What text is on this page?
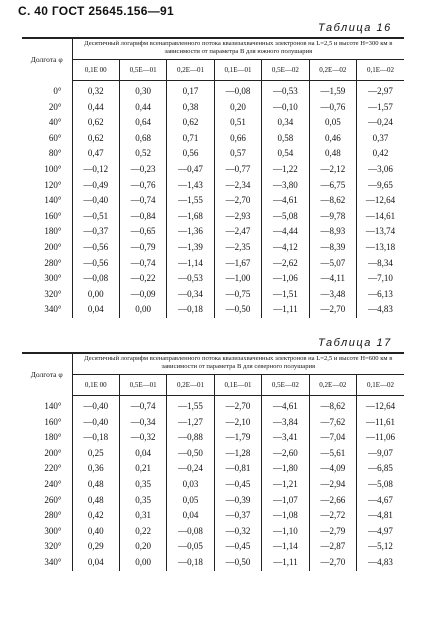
С. 40 ГОСТ 25645.156—91
Таблица 16
Долгота φ	Десятичный логарифм всенаправленного потока квазизахваченных электронов на L=2,5 и высоте H=300 км в зависимости от параметра B для южного полушария						
	0,1E 00	0,5E—01	0,2E—01	0,1E—01	0,5E—02	0,2E—02	0,1E—02
0°	0,32	0,30	0,17	—0,08	—0,53	—1,59	—2,97
20°	0,44	0,44	0,38	0,20	—0,10	—0,76	—1,57
40°	0,62	0,64	0,62	0,51	0,34	0,05	—0,24
60°	0,62	0,68	0,71	0,66	0,58	0,46	0,37
80°	0,47	0,52	0,56	0,57	0,54	0,48	0,42
100°	—0,12	—0,23	—0,47	—0,77	—1,22	—2,12	—3,06
120°	—0,49	—0,76	—1,43	—2,34	—3,80	—6,75	—9,65
140°	—0,40	—0,74	—1,55	—2,70	—4,61	—8,62	—12,64
160°	—0,51	—0,84	—1,68	—2,93	—5,08	—9,78	—14,61
180°	—0,37	—0,65	—1,36	—2,47	—4,44	—8,93	—13,74
200°	—0,56	—0,79	—1,39	—2,35	—4,12	—8,39	—13,18
280°	—0,56	—0,74	—1,14	—1,67	—2,62	—5,07	—8,34
300°	—0,08	—0,22	—0,53	—1,00	—1,06	—4,11	—7,10
320°	0,00	—0,09	—0,34	—0,75	—1,51	—3,48	—6,13
340°	0,04	0,00	—0,18	—0,50	—1,11	—2,70	—4,83
Таблица 17
Долгота φ	Десятичный логарифм всенаправленного потока квазизахваченных электронов на L=2,5 и высоте H=600 км в зависимости от параметра B для северного полушария						
	0,1E 00	0,5E—01	0,2E—01	0,1E—01	0,5E—02	0,2E—02	0,1E—02
140°	—0,40	—0,74	—1,55	—2,70	—4,61	—8,62	—12,64
160°	—0,40	—0,34	—1,27	—2,10	—3,84	—7,62	—11,61
180°	—0,18	—0,32	—0,88	—1,79	—3,41	—7,04	—11,06
200°	0,25	0,04	—0,50	—1,28	—2,60	—5,61	—9,07
220°	0,36	0,21	—0,24	—0,81	—1,80	—4,09	—6,85
240°	0,48	0,35	0,03	—0,45	—1,21	—2,94	—5,08
260°	0,48	0,35	0,05	—0,39	—1,07	—2,66	—4,67
280°	0,42	0,31	0,04	—0,37	—1,08	—2,72	—4,81
300°	0,40	0,22	—0,08	—0,32	—1,10	—2,79	—4,97
320°	0,29	0,20	—0,05	—0,45	—1,14	—2,87	—5,12
340°	0,04	0,00	—0,18	—0,50	—1,11	—2,70	—4,83
